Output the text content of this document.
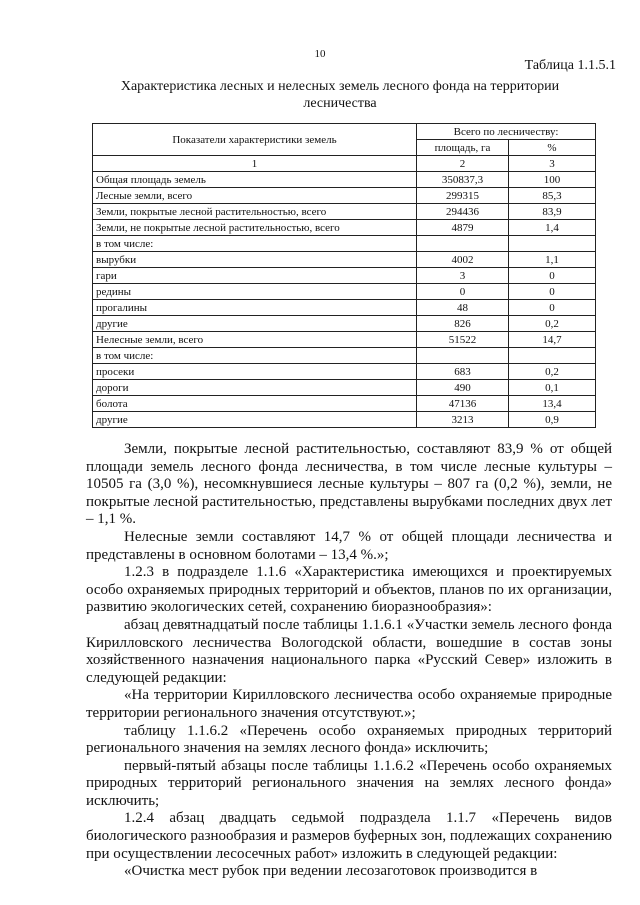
10
Таблица 1.1.5.1
Характеристика лесных и нелесных земель лесного фонда на территории лесничества
Показатели характеристики земель	Всего по лесничеству:	
	площадь, га	%
1	2	3
Общая площадь земель	350837,3	100
Лесные земли, всего	299315	85,3
Земли, покрытые лесной растительностью, всего	294436	83,9
Земли, не покрытые лесной растительностью, всего	4879	1,4
в том числе:		
вырубки	4002	1,1
гари	3	0
редины	0	0
прогалины	48	0
другие	826	0,2
Нелесные земли, всего	51522	14,7
в том числе:		
просеки	683	0,2
дороги	490	0,1
болота	47136	13,4
другие	3213	0,9

Земли, покрытые лесной растительностью, составляют 83,9 % от общей площади земель лесного фонда лесничества, в том числе лесные культуры – 10505 га (3,0 %), несомкнувшиеся лесные культуры – 807 га (0,2 %), земли, не покрытые лесной растительностью, представлены вырубками последних двух лет – 1,1 %.

Нелесные земли составляют 14,7 % от общей площади лесничества и представлены в основном болотами – 13,4 %.»;

1.2.3 в подразделе 1.1.6 «Характеристика имеющихся и проектируемых особо охраняемых природных территорий и объектов, планов по их организации, развитию экологических сетей, сохранению биоразнообразия»:

абзац девятнадцатый после таблицы 1.1.6.1 «Участки земель лесного фонда Кирилловского лесничества Вологодской области, вошедшие в состав зоны хозяйственного назначения национального парка «Русский Север» изложить в следующей редакции:

«На территории Кирилловского лесничества особо охраняемые природные территории регионального значения отсутствуют.»;

таблицу 1.1.6.2 «Перечень особо охраняемых природных территорий регионального значения на землях лесного фонда» исключить;

первый-пятый абзацы после таблицы 1.1.6.2 «Перечень особо охраняемых природных территорий регионального значения на землях лесного фонда» исключить;

1.2.4 абзац двадцать седьмой подраздела 1.1.7 «Перечень видов биологического разнообразия и размеров буферных зон, подлежащих сохранению при осуществлении лесосечных работ» изложить в следующей редакции:

«Очистка мест рубок при ведении лесозаготовок производится в
